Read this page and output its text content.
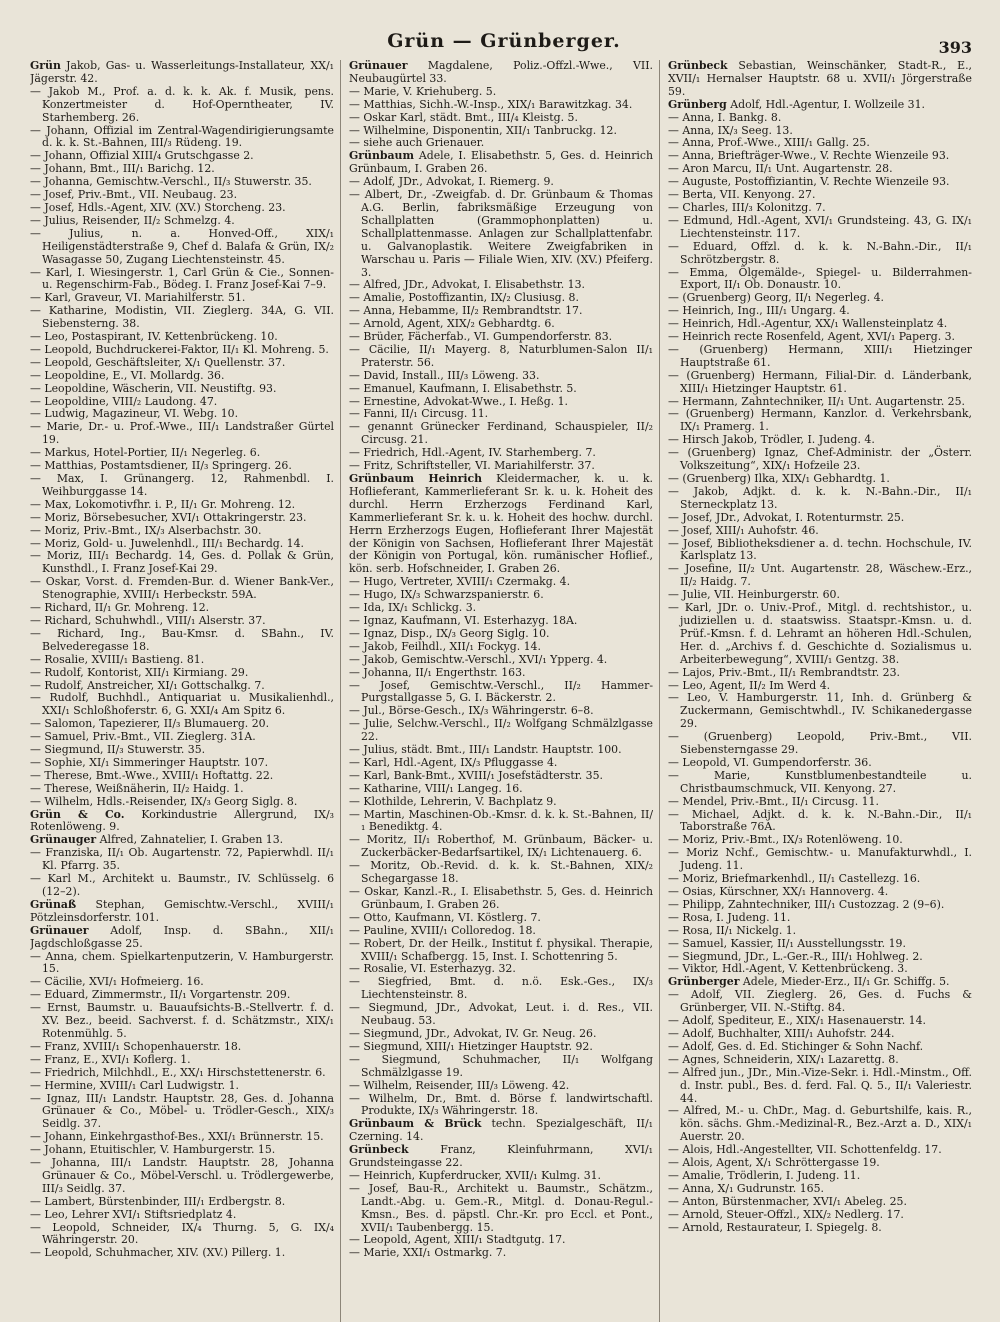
Grün — Grünberger.	393

Grün Jakob, Gas- u. Wasserleitungs-Installateur, XX/₁ Jägerstr. 42.

— Jakob M., Prof. a. d. k. k. Ak. f. Musik, pens. Konzertmeister d. Hof-Operntheater, IV. Starhemberg. 26.

— Johann, Offizial im Zentral-Wagendirigierungsamte d. k. k. St.-Bahnen, III/₃ Rüdeng. 19.

— Johann, Offizial XIII/₄ Grutschgasse 2.

— Johann, Bmt., III/₁ Barichg. 12.

— Johanna, Gemischtw.-Verschl., II/₃ Stuwerstr. 35.

— Josef, Priv.-Bmt., VII. Neubaug. 23.

— Josef, Hdls.-Agent, XIV. (XV.) Storcheng. 23.

— Julius, Reisender, II/₂ Schmelzg. 4.

— Julius, n. a. Honved-Off., XIX/₁ Heiligenstädterstraße 9, Chef d. Balafa & Grün, IX/₂ Wasagasse 50, Zugang Liechtensteinstr. 45.

— Karl, I. Wiesingerstr. 1, Carl Grün & Cie., Sonnen- u. Regenschirm-Fab., Bödeg. I. Franz Josef-Kai 7–9.

— Karl, Graveur, VI. Mariahilferstr. 51.

— Katharine, Modistin, VII. Zieglerg. 34A, G. VII. Siebensterng. 38.

— Leo, Postaspirant, IV. Kettenbrückeng. 10.

— Leopold, Buchdruckerei-Faktor, II/₁ Kl. Mohreng. 5.

— Leopold, Geschäftsleiter, X/₁ Quellenstr. 37.

— Leopoldine, E., VI. Mollardg. 36.

— Leopoldine, Wäscherin, VII. Neustiftg. 93.

— Leopoldine, VIII/₂ Laudong. 47.

— Ludwig, Magazineur, VI. Webg. 10.

— Marie, Dr.- u. Prof.-Wwe., III/₁ Landstraßer Gürtel 19.

— Markus, Hotel-Portier, II/₁ Negerleg. 6.

— Matthias, Postamtsdiener, II/₃ Springerg. 26.

— Max, I. Grünangerg. 12, Rahmenbdl. I. Weihburggasse 14.

— Max, Lokomotivfhr. i. P., II/₁ Gr. Mohreng. 12.

— Moriz, Börsebesucher, XVI/₁ Ottakringerstr. 23.

— Moriz, Priv.-Bmt., IX/₃ Alserbachstr. 30.

— Moriz, Gold- u. Juwelenhdl., III/₁ Bechardg. 14.

— Moriz, III/₁ Bechardg. 14, Ges. d. Pollak & Grün, Kunsthdl., I. Franz Josef-Kai 29.

— Oskar, Vorst. d. Fremden-Bur. d. Wiener Bank-Ver., Stenographie, XVIII/₁ Herbeckstr. 59A.

— Richard, II/₁ Gr. Mohreng. 12.

— Richard, Schuhwhdl., VIII/₁ Alserstr. 37.

— Richard, Ing., Bau-Kmsr. d. SBahn., IV. Belvederegasse 18.

— Rosalie, XVIII/₁ Bastieng. 81.

— Rudolf, Kontorist, XII/₁ Kirmiang. 29.

— Rudolf, Anstreicher, XI/₁ Gottschalkg. 7.

— Rudolf, Buchhdl., Antiquariat u. Musikalienhdl., XXI/₁ Schloßhoferstr. 6, G. XXI/₄ Am Spitz 6.

— Salomon, Tapezierer, II/₃ Blumauerg. 20.

— Samuel, Priv.-Bmt., VII. Zieglerg. 31A.

— Siegmund, II/₃ Stuwerstr. 35.

— Sophie, XI/₁ Simmeringer Hauptstr. 107.

— Therese, Bmt.-Wwe., XVIII/₁ Hoftattg. 22.

— Therese, Weißnäherin, II/₂ Haidg. 1.

— Wilhelm, Hdls.-Reisender, IX/₃ Georg Siglg. 8.

Grün & Co. Korkindustrie Allergrund, IX/₃ Rotenlöweng. 9.

Grünauger Alfred, Zahnatelier, I. Graben 13.

— Franziska, II/₁ Ob. Augartenstr. 72, Papierwhdl. II/₁ Kl. Pfarrg. 35.

— Karl M., Architekt u. Baumstr., IV. Schlüsselg. 6 (12–2).

Grünaß Stephan, Gemischtw.-Verschl., XVIII/₁ Pötzleinsdorferstr. 101.

Grünauer Adolf, Insp. d. SBahn., XII/₁ Jagdschloßgasse 25.

— Anna, chem. Spielkartenputzerin, V. Hamburgerstr. 15.

— Cäcilie, XVI/₁ Hofmeierg. 16.

— Eduard, Zimmermstr., II/₁ Vorgartenstr. 209.

— Ernst, Baumstr. u. Bauaufsichts-B.-Stellvertr. f. d. XV. Bez., beeid. Sachverst. f. d. Schätzmstr., XIX/₁ Rotenmühlg. 5.

— Franz, XVIII/₁ Schopenhauerstr. 18.

— Franz, E., XVI/₁ Koflerg. 1.

— Friedrich, Milchhdl., E., XX/₁ Hirschstettenerstr. 6.

— Hermine, XVIII/₁ Carl Ludwigstr. 1.

— Ignaz, III/₁ Landstr. Hauptstr. 28, Ges. d. Johanna Grünauer & Co., Möbel- u. Trödler-Gesch., XIX/₃ Seidlg. 37.

— Johann, Einkehrgasthof-Bes., XXI/₁ Brünnerstr. 15.

— Johann, Etuitischler, V. Hamburgerstr. 15.

— Johanna, III/₁ Landstr. Hauptstr. 28, Johanna Grünauer & Co., Möbel-Verschl. u. Trödlergewerbe, III/₃ Seidlg. 37.

— Lambert, Bürstenbinder, III/₁ Erdbergstr. 8.

— Leo, Lehrer XVI/₁ Stiftsriedplatz 4.

— Leopold, Schneider, IX/₄ Thurng. 5, G. IX/₄ Währingerstr. 20.

— Leopold, Schuhmacher, XIV. (XV.) Pillerg. 1.

Grünauer Magdalene, Poliz.-Offzl.-Wwe., VII. Neubaugürtel 33.

— Marie, V. Kriehuberg. 5.

— Matthias, Sichh.-W.-Insp., XIX/₁ Barawitzkag. 34.

— Oskar Karl, städt. Bmt., III/₄ Kleistg. 5.

— Wilhelmine, Disponentin, XII/₁ Tanbruckg. 12.

— siehe auch Grienauer.

Grünbaum Adele, I. Elisabethstr. 5, Ges. d. Heinrich Grünbaum, I. Graben 26.

— Adolf, JDr., Advokat, I. Riemerg. 9.

— Albert, Dr., -Zweigfab. d. Dr. Grünbaum & Thomas A.G. Berlin, fabriksmäßige Erzeugung von Schallplatten (Grammophonplatten) u. Schallplattenmasse. Anlagen zur Schallplattenfabr. u. Galvanoplastik. Weitere Zweigfabriken in Warschau u. Paris — Filiale Wien, XIV. (XV.) Pfeiferg. 3.

— Alfred, JDr., Advokat, I. Elisabethstr. 13.

— Amalie, Postoffizantin, IX/₂ Clusiusg. 8.

— Anna, Hebamme, II/₂ Rembrandtstr. 17.

— Arnold, Agent, XIX/₂ Gebhardtg. 6.

— Brüder, Fächerfab., VI. Gumpendorferstr. 83.

— Cäcilie, II/₁ Mayerg. 8, Naturblumen-Salon II/₁ Praterstr. 56.

— David, Install., III/₃ Löweng. 33.

— Emanuel, Kaufmann, I. Elisabethstr. 5.

— Ernestine, Advokat-Wwe., I. Heßg. 1.

— Fanni, II/₁ Circusg. 11.

— genannt Grünecker Ferdinand, Schauspieler, II/₂ Circusg. 21.

— Friedrich, Hdl.-Agent, IV. Starhemberg. 7.

— Fritz, Schriftsteller, VI. Mariahilferstr. 37.

Grünbaum Heinrich Kleidermacher, k. u. k. Hoflieferant, Kammerlieferant Sr. k. u. k. Hoheit des durchl. Herrn Erzherzogs Ferdinand Karl, Kammerlieferant Sr. k. u. k. Hoheit des hochw. durchl. Herrn Erzherzogs Eugen, Hoflieferant Ihrer Majestät der Königin von Sachsen, Hoflieferant Ihrer Majestät der Königin von Portugal, kön. rumänischer Hoflief., kön. serb. Hofschneider, I. Graben 26.

— Hugo, Vertreter, XVIII/₁ Czermakg. 4.

— Hugo, IX/₃ Schwarzspanierstr. 6.

— Ida, IX/₁ Schlickg. 3.

— Ignaz, Kaufmann, VI. Esterhazyg. 18A.

— Ignaz, Disp., IX/₃ Georg Siglg. 10.

— Jakob, Feilhdl., XII/₁ Fockyg. 14.

— Jakob, Gemischtw.-Verschl., XVI/₁ Ypperg. 4.

— Johanna, II/₁ Engerthstr. 163.

— Josef, Gemischtw.-Verschl., II/₂ Hammer-Purgstallgasse 5, G. I. Bäckerstr. 2.

— Jul., Börse-Gesch., IX/₃ Währingerstr. 6–8.

— Julie, Selchw.-Verschl., II/₂ Wolfgang Schmälzlgasse 22.

— Julius, städt. Bmt., III/₁ Landstr. Hauptstr. 100.

— Karl, Hdl.-Agent, IX/₃ Pfluggasse 4.

— Karl, Bank-Bmt., XVIII/₁ Josefstädterstr. 35.

— Katharine, VIII/₁ Langeg. 16.

— Klothilde, Lehrerin, V. Bachplatz 9.

— Martin, Maschinen-Ob.-Kmsr. d. k. k. St.-Bahnen, II/₁ Benediktg. 4.

— Moritz, II/₁ Roberthof, M. Grünbaum, Bäcker- u. Zuckerbäcker-Bedarfsartikel, IX/₁ Lichtenauerg. 6.

— Moritz, Ob.-Revid. d. k. k. St.-Bahnen, XIX/₂ Schegargasse 18.

— Oskar, Kanzl.-R., I. Elisabethstr. 5, Ges. d. Heinrich Grünbaum, I. Graben 26.

— Otto, Kaufmann, VI. Köstlerg. 7.

— Pauline, XVIII/₁ Colloredog. 18.

— Robert, Dr. der Heilk., Institut f. physikal. Therapie, XVIII/₁ Schafbergg. 15, Inst. I. Schottenring 5.

— Rosalie, VI. Esterhazyg. 32.

— Siegfried, Bmt. d. n.ö. Esk.-Ges., IX/₃ Liechtensteinstr. 8.

— Siegmund, JDr., Advokat, Leut. i. d. Res., VII. Neubaug. 53.

— Siegmund, JDr., Advokat, IV. Gr. Neug. 26.

— Siegmund, XIII/₁ Hietzinger Hauptstr. 92.

— Siegmund, Schuhmacher, II/₁ Wolfgang Schmälzlgasse 19.

— Wilhelm, Reisender, III/₃ Löweng. 42.

— Wilhelm, Dr., Bmt. d. Börse f. landwirtschaftl. Produkte, IX/₃ Währingerstr. 18.

Grünbaum & Brück techn. Spezialgeschäft, II/₁ Czerning. 14.

Grünbeck Franz, Kleinfuhrmann, XVI/₁ Grundsteingasse 22.

— Heinrich, Kupferdrucker, XVII/₁ Kulmg. 31.

— Josef, Bau-R., Architekt u. Baumstr., Schätzm., Landt.-Abg. u. Gem.-R., Mitgl. d. Donau-Regul.-Kmsn., Bes. d. päpstl. Chr.-Kr. pro Eccl. et Pont., XVII/₁ Taubenbergg. 15.

— Leopold, Agent, XIII/₁ Stadtgutg. 17.

— Marie, XXI/₁ Ostmarkg. 7.

Grünbeck Sebastian, Weinschänker, Stadt-R., E., XVII/₁ Hernalser Hauptstr. 68 u. XVII/₁ Jörgerstraße 59.

Grünberg Adolf, Hdl.-Agentur, I. Wollzeile 31.

— Anna, I. Bankg. 8.

— Anna, IX/₃ Seeg. 13.

— Anna, Prof.-Wwe., XIII/₁ Gallg. 25.

— Anna, Briefträger-Wwe., V. Rechte Wienzeile 93.

— Aron Marcu, II/₁ Unt. Augartenstr. 28.

— Auguste, Postoffiziantin, V. Rechte Wienzeile 93.

— Berta, VII. Kenyong. 27.

— Charles, III/₃ Kolonitzg. 7.

— Edmund, Hdl.-Agent, XVI/₁ Grundsteing. 43, G. IX/₁ Liechtensteinstr. 117.

— Eduard, Offzl. d. k. k. N.-Bahn.-Dir., II/₁ Schrötzbergstr. 8.

— Emma, Ölgemälde-, Spiegel- u. Bilderrahmen-Export, II/₁ Ob. Donaustr. 10.

— (Gruenberg) Georg, II/₁ Negerleg. 4.

— Heinrich, Ing., III/₁ Ungarg. 4.

— Heinrich, Hdl.-Agentur, XX/₁ Wallensteinplatz 4.

— Heinrich recte Rosenfeld, Agent, XVI/₁ Paperg. 3.

— (Gruenberg) Hermann, XIII/₁ Hietzinger Hauptstraße 61.

— (Gruenberg) Hermann, Filial-Dir. d. Länderbank, XIII/₁ Hietzinger Hauptstr. 61.

— Hermann, Zahntechniker, II/₁ Unt. Augartenstr. 25.

— (Gruenberg) Hermann, Kanzlor. d. Verkehrsbank, IX/₁ Pramerg. 1.

— Hirsch Jakob, Trödler, I. Judeng. 4.

— (Gruenberg) Ignaz, Chef-Administr. der „Österr. Volkszeitung“, XIX/₁ Hofzeile 23.

— (Gruenberg) Ilka, XIX/₁ Gebhardtg. 1.

— Jakob, Adjkt. d. k. k. N.-Bahn.-Dir., II/₁ Sterneckplatz 13.

— Josef, JDr., Advokat, I. Rotenturmstr. 25.

— Josef, XIII/₁ Auhofstr. 46.

— Josef, Bibliotheksdiener a. d. techn. Hochschule, IV. Karlsplatz 13.

— Josefine, II/₂ Unt. Augartenstr. 28, Wäschew.-Erz., II/₂ Haidg. 7.

— Julie, VII. Heinburgerstr. 60.

— Karl, JDr. o. Univ.-Prof., Mitgl. d. rechtshistor., u. judiziellen u. d. staatswiss. Staatspr.-Kmsn. u. d. Prüf.-Kmsn. f. d. Lehramt an höheren Hdl.-Schulen, Her. d. „Archivs f. d. Geschichte d. Sozialismus u. Arbeiterbewegung“, XVIII/₁ Gentzg. 38.

— Lajos, Priv.-Bmt., II/₁ Rembrandtstr. 23.

— Leo, Agent, II/₂ Im Werd 4.

— Leo, V. Hamburgerstr. 11, Inh. d. Grünberg & Zuckermann, Gemischtwhdl., IV. Schikanedergasse 29.

— (Gruenberg) Leopold, Priv.-Bmt., VII. Siebensterngasse 29.

— Leopold, VI. Gumpendorferstr. 36.

— Marie, Kunstblumenbestandteile u. Christbaumschmuck, VII. Kenyong. 27.

— Mendel, Priv.-Bmt., II/₁ Circusg. 11.

— Michael, Adjkt. d. k. k. N.-Bahn.-Dir., II/₁ Taborstraße 76A.

— Moriz, Priv.-Bmt., IX/₃ Rotenlöweng. 10.

— Moriz Nchf., Gemischtw.- u. Manufakturwhdl., I. Judeng. 11.

— Moriz, Briefmarkenhdl., II/₁ Castellezg. 16.

— Osias, Kürschner, XX/₁ Hannoverg. 4.

— Philipp, Zahntechniker, III/₁ Custozzag. 2 (9–6).

— Rosa, I. Judeng. 11.

— Rosa, II/₁ Nickelg. 1.

— Samuel, Kassier, II/₁ Ausstellungsstr. 19.

— Siegmund, JDr., L.-Ger.-R., III/₁ Hohlweg. 2.

— Viktor, Hdl.-Agent, V. Kettenbrückeng. 3.

Grünberger Adele, Mieder-Erz., II/₁ Gr. Schiffg. 5.

— Adolf, VII. Zieglerg. 26, Ges. d. Fuchs & Grünberger, VII. N.-Stiftg. 84.

— Adolf, Spediteur, E., XIX/₁ Hasenauerstr. 14.

— Adolf, Buchhalter, XIII/₁ Auhofstr. 244.

— Adolf, Ges. d. Ed. Stichinger & Sohn Nachf.

— Agnes, Schneiderin, XIX/₁ Lazarettg. 8.

— Alfred jun., JDr., Min.-Vize-Sekr. i. Hdl.-Minstm., Off. d. Instr. publ., Bes. d. ferd. Fal. Q. 5., II/₁ Valeriestr. 44.

— Alfred, M.- u. ChDr., Mag. d. Geburtshilfe, kais. R., kön. sächs. Ghm.-Medizinal-R., Bez.-Arzt a. D., XIX/₁ Auerstr. 20.

— Alois, Hdl.-Angestellter, VII. Schottenfeldg. 17.

— Alois, Agent, X/₁ Schröttergasse 19.

— Amalie, Trödlerin, I. Judeng. 11.

— Anna, X/₁ Gudrunstr. 165.

— Anton, Bürstenmacher, XVI/₁ Abeleg. 25.

— Arnold, Steuer-Offzl., XIX/₂ Nedlerg. 17.

— Arnold, Restaurateur, I. Spiegelg. 8.
